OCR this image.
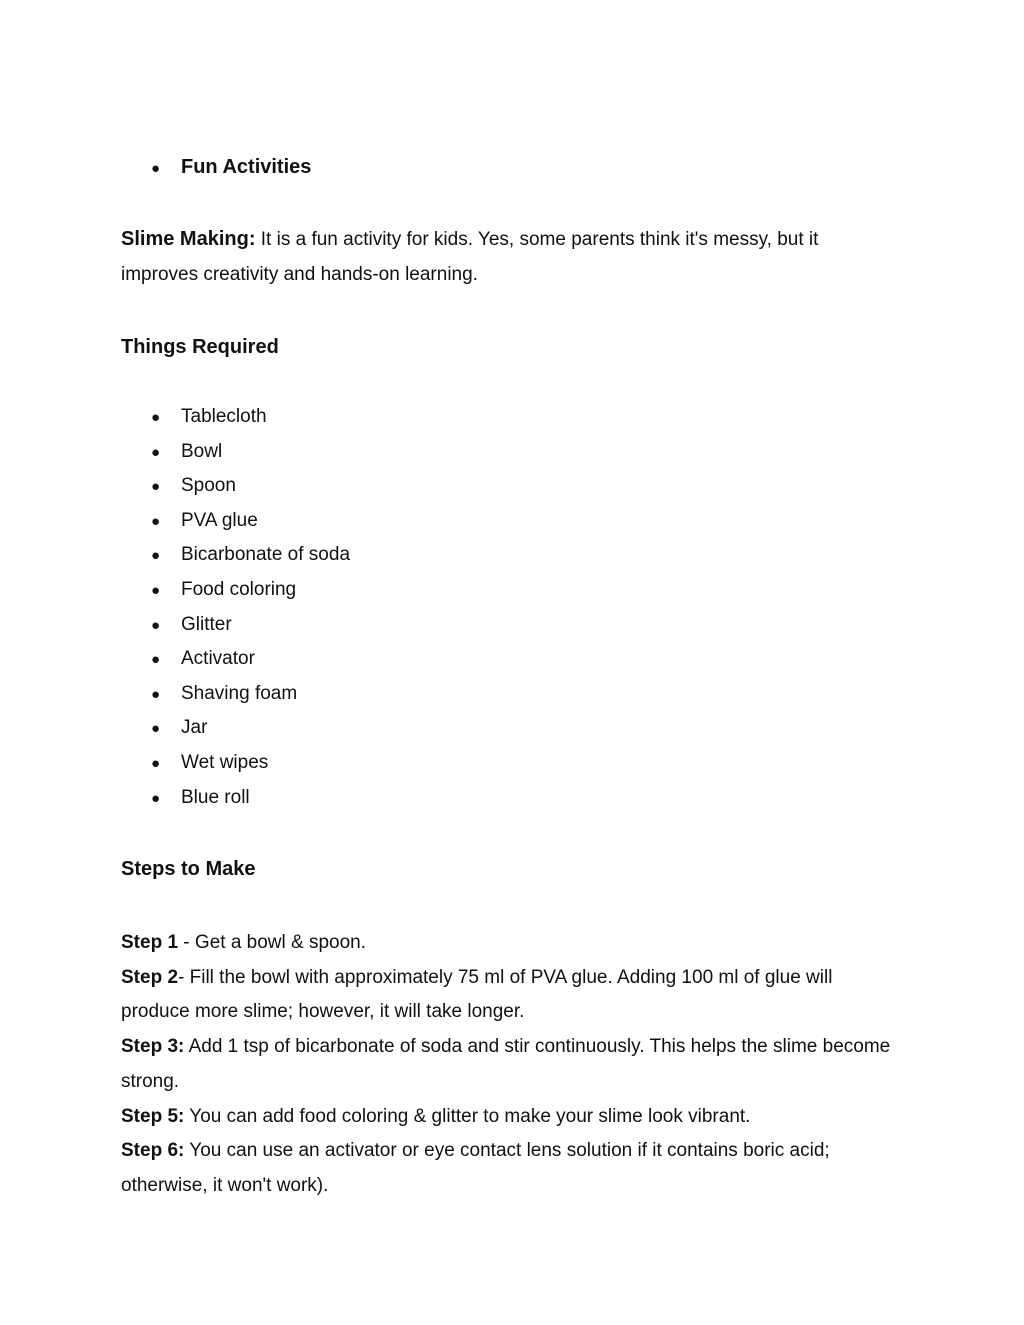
●	Fun Activities

Slime Making: It is a fun activity for kids. Yes, some parents think it's messy, but it improves creativity and hands-on learning.

Things Required
●	Tablecloth
●	Bowl
●	Spoon
●	PVA glue
●	Bicarbonate of soda
●	Food coloring
●	Glitter
●	Activator
●	Shaving foam
●	Jar
●	Wet wipes
●	Blue roll
Steps to Make

Step 1 - Get a bowl & spoon.

Step 2- Fill the bowl with approximately 75 ml of PVA glue. Adding 100 ml of glue will produce more slime; however, it will take longer.

Step 3: Add 1 tsp of bicarbonate of soda and stir continuously. This helps the slime become strong.

Step 5: You can add food coloring & glitter to make your slime look vibrant.

Step 6: You can use an activator or eye contact lens solution if it contains boric acid; otherwise, it won't work).
